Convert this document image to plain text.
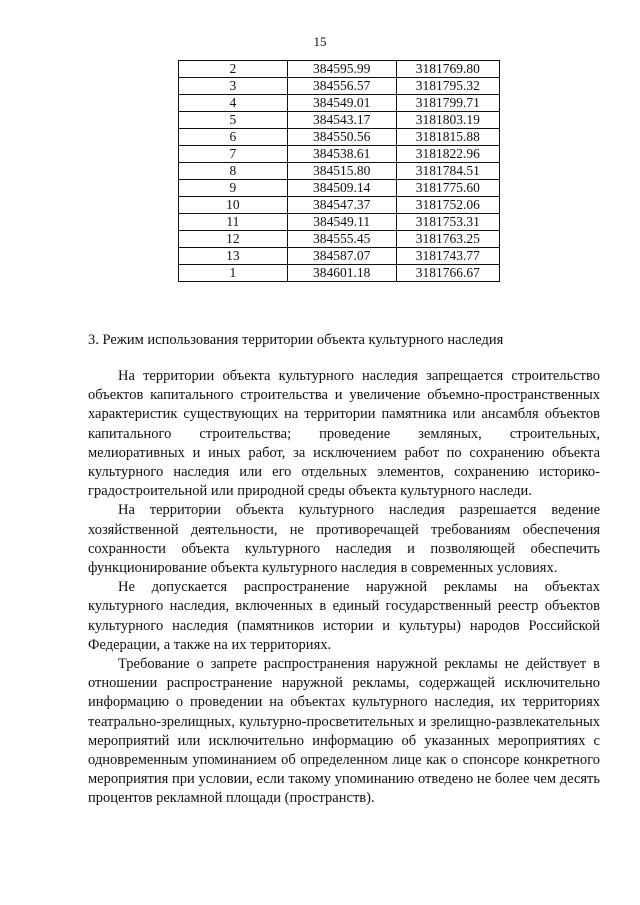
15
2	384595.99	3181769.80
3	384556.57	3181795.32
4	384549.01	3181799.71
5	384543.17	3181803.19
6	384550.56	3181815.88
7	384538.61	3181822.96
8	384515.80	3181784.51
9	384509.14	3181775.60
10	384547.37	3181752.06
11	384549.11	3181753.31
12	384555.45	3181763.25
13	384587.07	3181743.77
1	384601.18	3181766.67
3. Режим использования территории объекта культурного наследия

На территории объекта культурного наследия запрещается строительство объектов капитального строительства и увеличение объемно-пространственных характеристик существующих на территории памятника или ансамбля объектов капитального строительства; проведение земляных, строительных, мелиоративных и иных работ, за исключением работ по сохранению объекта культурного наследия или его отдельных элементов, сохранению историко-градостроительной или природной среды объекта культурного наследи.

На территории объекта культурного наследия разрешается ведение хозяйственной деятельности, не противоречащей требованиям обеспечения сохранности объекта культурного наследия и позволяющей обеспечить функционирование объекта культурного наследия в современных условиях.

Не допускается распространение наружной рекламы на объектах культурного наследия, включенных в единый государственный реестр объектов культурного наследия (памятников истории и культуры) народов Российской Федерации, а также на их территориях.

Требование о запрете распространения наружной рекламы не действует в отношении распространение наружной рекламы, содержащей исключительно информацию о проведении на объектах культурного наследия, их территориях театрально-зрелищных, культурно-просветительных и зрелищно-развлекательных мероприятий или исключительно информацию об указанных мероприятиях с одновременным упоминанием об определенном лице как о спонсоре конкретного мероприятия при условии, если такому упоминанию отведено не более чем десять процентов рекламной площади (пространств).
